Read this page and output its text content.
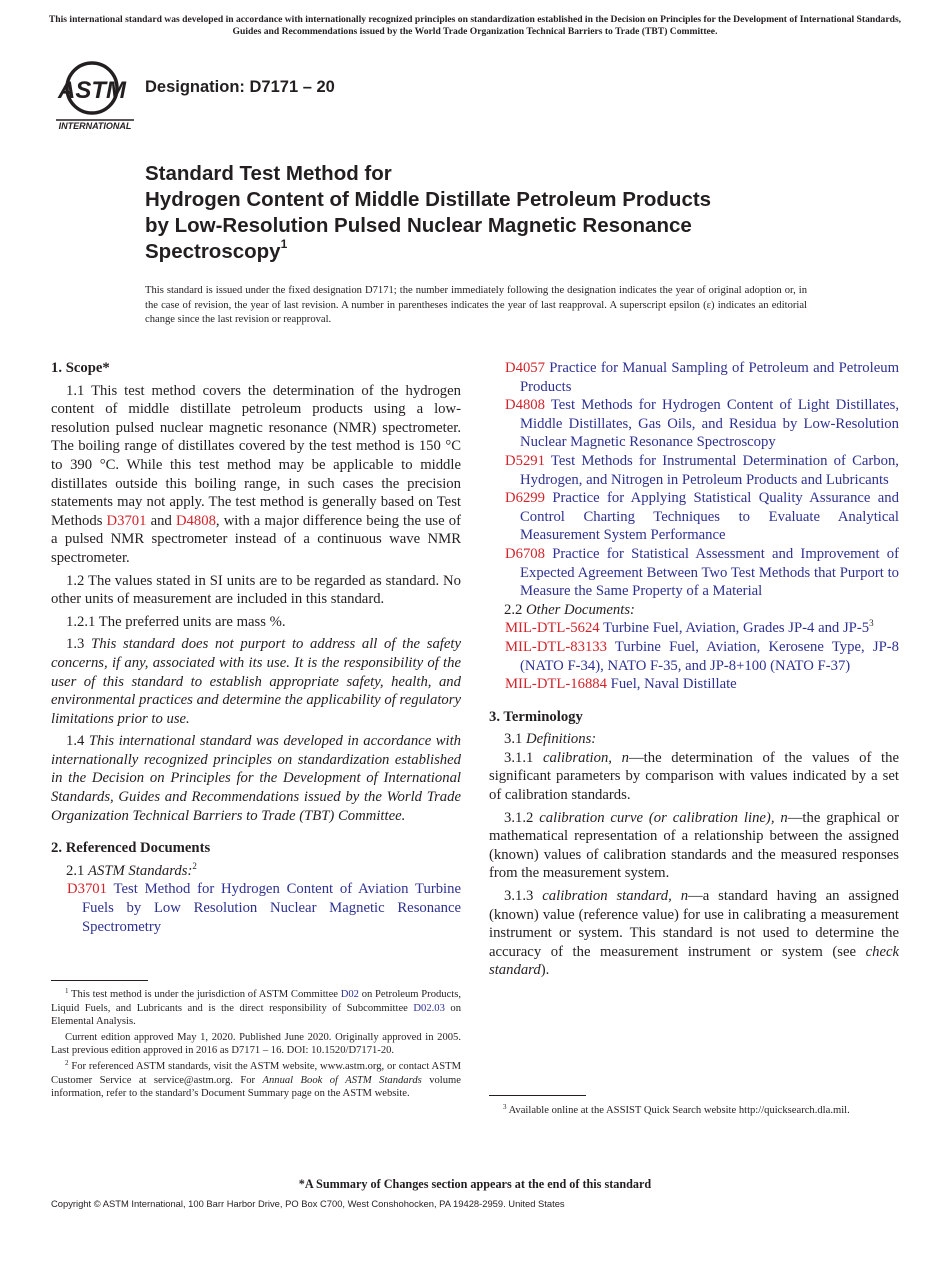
This international standard was developed in accordance with internationally recognized principles on standardization established in the Decision on Principles for the Development of International Standards, Guides and Recommendations issued by the World Trade Organization Technical Barriers to Trade (TBT) Committee.
ASTM
INTERNATIONAL
Designation: D7171 – 20
Standard Test Method for
Hydrogen Content of Middle Distillate Petroleum Products
by Low-Resolution Pulsed Nuclear Magnetic Resonance
Spectroscopy$^1$
This standard is issued under the fixed designation D7171; the number immediately following the designation indicates the year of original adoption or, in the case of revision, the year of last revision. A number in parentheses indicates the year of last reapproval. A superscript epsilon (ε) indicates an editorial change since the last revision or reapproval.

1. Scope*

1.1 This test method covers the determination of the hydrogen content of middle distillate petroleum products using a low-resolution pulsed nuclear magnetic resonance (NMR) spectrometer. The boiling range of distillates covered by the test method is 150 °C to 390 °C. While this test method may be applicable to middle distillates outside this boiling range, in such cases the precision statements may not apply. The test method is generally based on Test Methods D3701 and D4808, with a major difference being the use of a pulsed NMR spectrometer instead of a continuous wave NMR spectrometer.

1.2 The values stated in SI units are to be regarded as standard. No other units of measurement are included in this standard.

1.2.1 The preferred units are mass %.

1.3 This standard does not purport to address all of the safety concerns, if any, associated with its use. It is the responsibility of the user of this standard to establish appropriate safety, health, and environmental practices and determine the applicability of regulatory limitations prior to use.

1.4 This international standard was developed in accordance with internationally recognized principles on standardization established in the Decision on Principles for the Development of International Standards, Guides and Recommendations issued by the World Trade Organization Technical Barriers to Trade (TBT) Committee.

2. Referenced Documents

2.1 ASTM Standards:$^2$

D3701 Test Method for Hydrogen Content of Aviation Turbine Fuels by Low Resolution Nuclear Magnetic Resonance Spectrometry

D4057 Practice for Manual Sampling of Petroleum and Petroleum Products

D4808 Test Methods for Hydrogen Content of Light Distillates, Middle Distillates, Gas Oils, and Residua by Low-Resolution Nuclear Magnetic Resonance Spectroscopy

D5291 Test Methods for Instrumental Determination of Carbon, Hydrogen, and Nitrogen in Petroleum Products and Lubricants

D6299 Practice for Applying Statistical Quality Assurance and Control Charting Techniques to Evaluate Analytical Measurement System Performance

D6708 Practice for Statistical Assessment and Improvement of Expected Agreement Between Two Test Methods that Purport to Measure the Same Property of a Material

2.2 Other Documents:

MIL-DTL-5624 Turbine Fuel, Aviation, Grades JP-4 and JP-5$^3$

MIL-DTL-83133 Turbine Fuel, Aviation, Kerosene Type, JP-8 (NATO F-34), NATO F-35, and JP-8+100 (NATO F-37)

MIL-DTL-16884 Fuel, Naval Distillate

3. Terminology

3.1 Definitions:

3.1.1 calibration, n—the determination of the values of the significant parameters by comparison with values indicated by a set of calibration standards.

3.1.2 calibration curve (or calibration line), n—the graphical or mathematical representation of a relationship between the assigned (known) values of calibration standards and the measured responses from the measurement system.

3.1.3 calibration standard, n—a standard having an assigned (known) value (reference value) for use in calibrating a measurement instrument or system. This standard is not used to determine the accuracy of the measurement instrument or system (see check standard).

$^1$ This test method is under the jurisdiction of ASTM Committee D02 on Petroleum Products, Liquid Fuels, and Lubricants and is the direct responsibility of Subcommittee D02.03 on Elemental Analysis.

Current edition approved May 1, 2020. Published June 2020. Originally approved in 2005. Last previous edition approved in 2016 as D7171 – 16. DOI: 10.1520/D7171-20.

$^2$ For referenced ASTM standards, visit the ASTM website, www.astm.org, or contact ASTM Customer Service at service@astm.org. For Annual Book of ASTM Standards volume information, refer to the standard’s Document Summary page on the ASTM website.

$^3$ Available online at the ASSIST Quick Search website http://quicksearch.dla.mil.

*A Summary of Changes section appears at the end of this standard
Copyright © ASTM International, 100 Barr Harbor Drive, PO Box C700, West Conshohocken, PA 19428-2959. United States
